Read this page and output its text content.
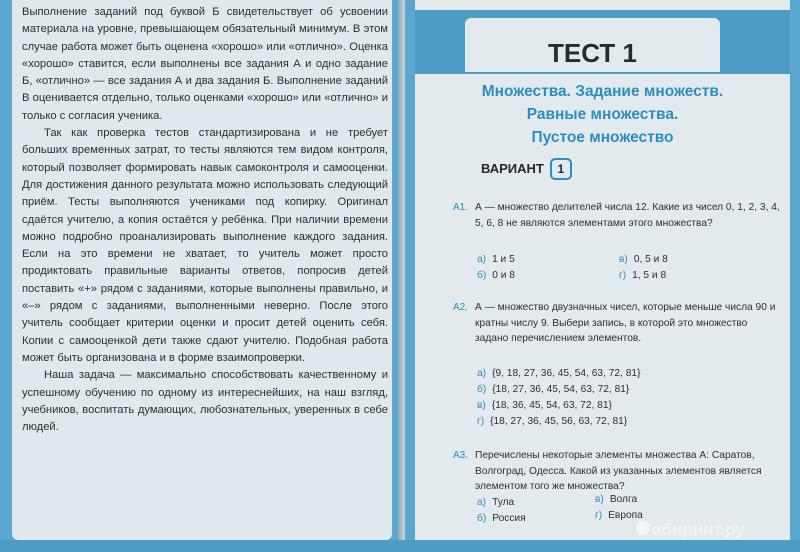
Выполнение заданий под буквой Б свидетельствует об усвоении материала на уровне, превышающем обязательный минимум. В этом случае работа может быть оценена «хорошо» или «отлично». Оценка «хорошо» ставится, если выполнены все задания А и одно задание Б, «отлично» — все задания А и два задания Б. Выполнение заданий В оценивается отдельно, только оценками «хорошо» или «отлично» и только с согласия ученика.

Так как проверка тестов стандартизирована и не требует больших временных затрат, то тесты являются тем видом контроля, который позволяет формировать навык самоконтроля и самооценки. Для достижения данного результата можно использовать следующий приём. Тесты выполняются учениками под копирку. Оригинал сдаётся учителю, а копия остаётся у ребёнка. При наличии времени можно подробно проанализировать выполнение каждого задания. Если на это времени не хватает, то учитель может просто продиктовать правильные варианты ответов, попросив детей поставить «+» рядом с заданиями, которые выполнены правильно, и «–» рядом с заданиями, выполненными неверно. После этого учитель сообщает критерии оценки и просит детей оценить себя. Копии с самооценкой дети также сдают учителю. Подобная работа может быть организована и в форме взаимопроверки.

Наша задача — максимально способствовать качественному и успешному обучению по одному из интереснейших, на наш взгляд, учебников, воспитать думающих, любознательных, уверенных в себе людей.

ТЕСТ 1
Множества. Задание множеств.
Равные множества.
Пустое множество
ВАРИАНТ 1
А1. А — множество делителей числа 12. Какие из чисел 0, 1, 2, 3, 4, 5, 6, 8 не являются элементами этого множества?
а) 1 и 5	в) 0, 5 и 8
б) 0 и 8	г) 1, 5 и 8
А2. А — множество двузначных чисел, которые меньше числа 90 и кратны числу 9. Выбери запись, в которой это множество задано перечислением элементов.
а) {9, 18, 27, 36, 45, 54, 63, 72, 81}
б) {18, 27, 36, 45, 54, 63, 72, 81}
в) {18, 36, 45, 54, 63, 72, 81}
г) {18, 27, 36, 45, 56, 63, 72, 81}
А3. Перечислены некоторые элементы множества А: Саратов, Волгоград, Одесса. Какой из указанных элементов является элементом того же множества?
а) Тула	в) Волга
б) Россия	г) Европа
абиринт.ру
